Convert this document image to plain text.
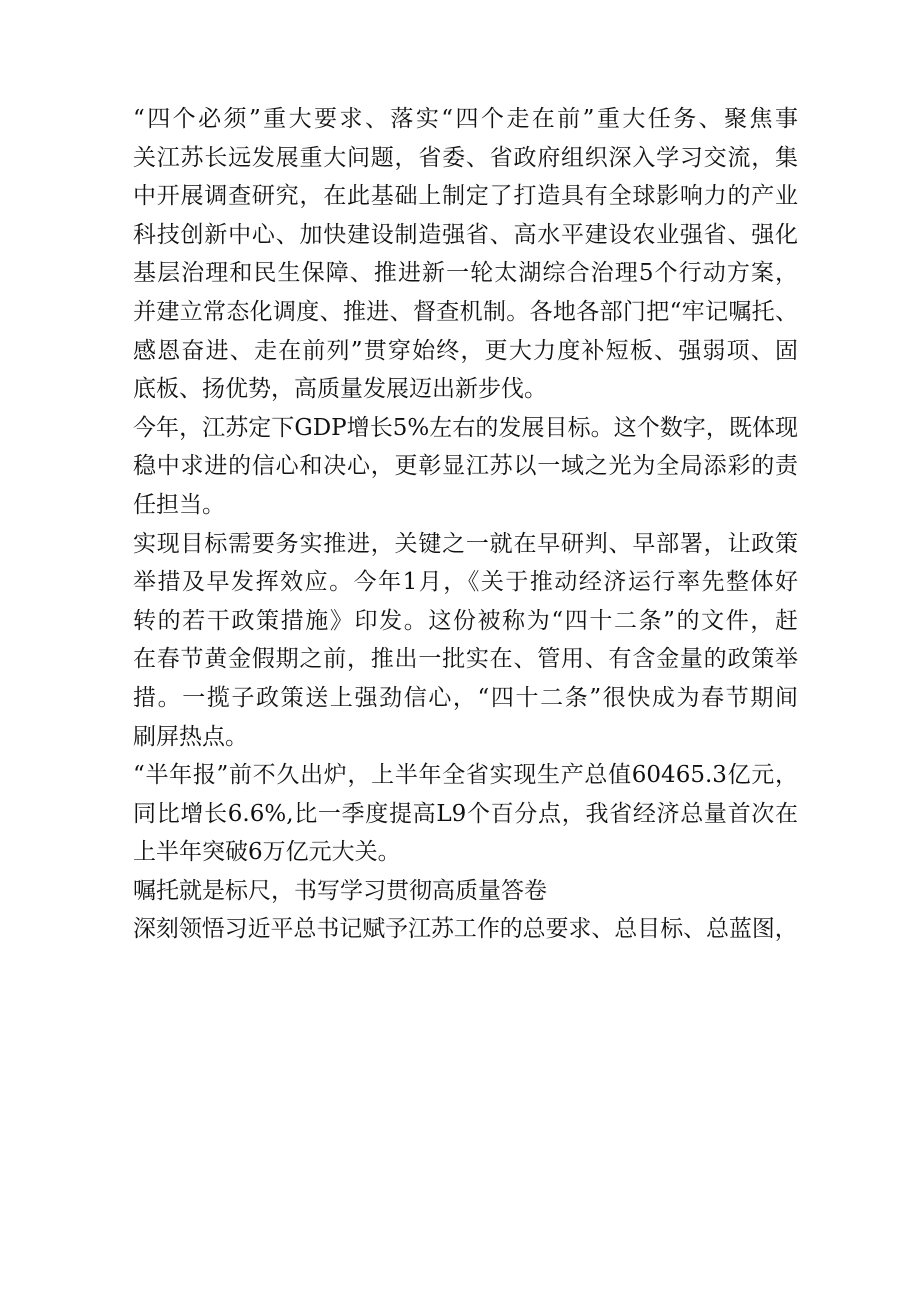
“四个必须”重大要求、落实“四个走在前”重大任务、聚焦事
关江苏长远发展重大问题，省委、省政府组织深入学习交流，集
中开展调查研究，在此基础上制定了打造具有全球影响力的产业
科技创新中心、加快建设制造强省、高水平建设农业强省、强化
基层治理和民生保障、推进新一轮太湖综合治理5个行动方案，
并建立常态化调度、推进、督查机制。各地各部门把“牢记嘱托、
感恩奋进、走在前列”贯穿始终，更大力度补短板、强弱项、固
底板、扬优势，高质量发展迈出新步伐。

今年，江苏定下GDP增长5%左右的发展目标。这个数字，既体现
稳中求进的信心和决心，更彰显江苏以一域之光为全局添彩的责
任担当。

实现目标需要务实推进，关键之一就在早研判、早部署，让政策
举措及早发挥效应。今年1月，《关于推动经济运行率先整体好
转的若干政策措施》印发。这份被称为“四十二条”的文件，赶
在春节黄金假期之前，推出一批实在、管用、有含金量的政策举
措。一揽子政策送上强劲信心，“四十二条”很快成为春节期间
刷屏热点。

“半年报”前不久出炉，上半年全省实现生产总值60465.3亿元，
同比增长6.6%,比一季度提高L9个百分点，我省经济总量首次在
上半年突破6万亿元大关。

嘱托就是标尺，书写学习贯彻高质量答卷

深刻领悟习近平总书记赋予江苏工作的总要求、总目标、总蓝图，
